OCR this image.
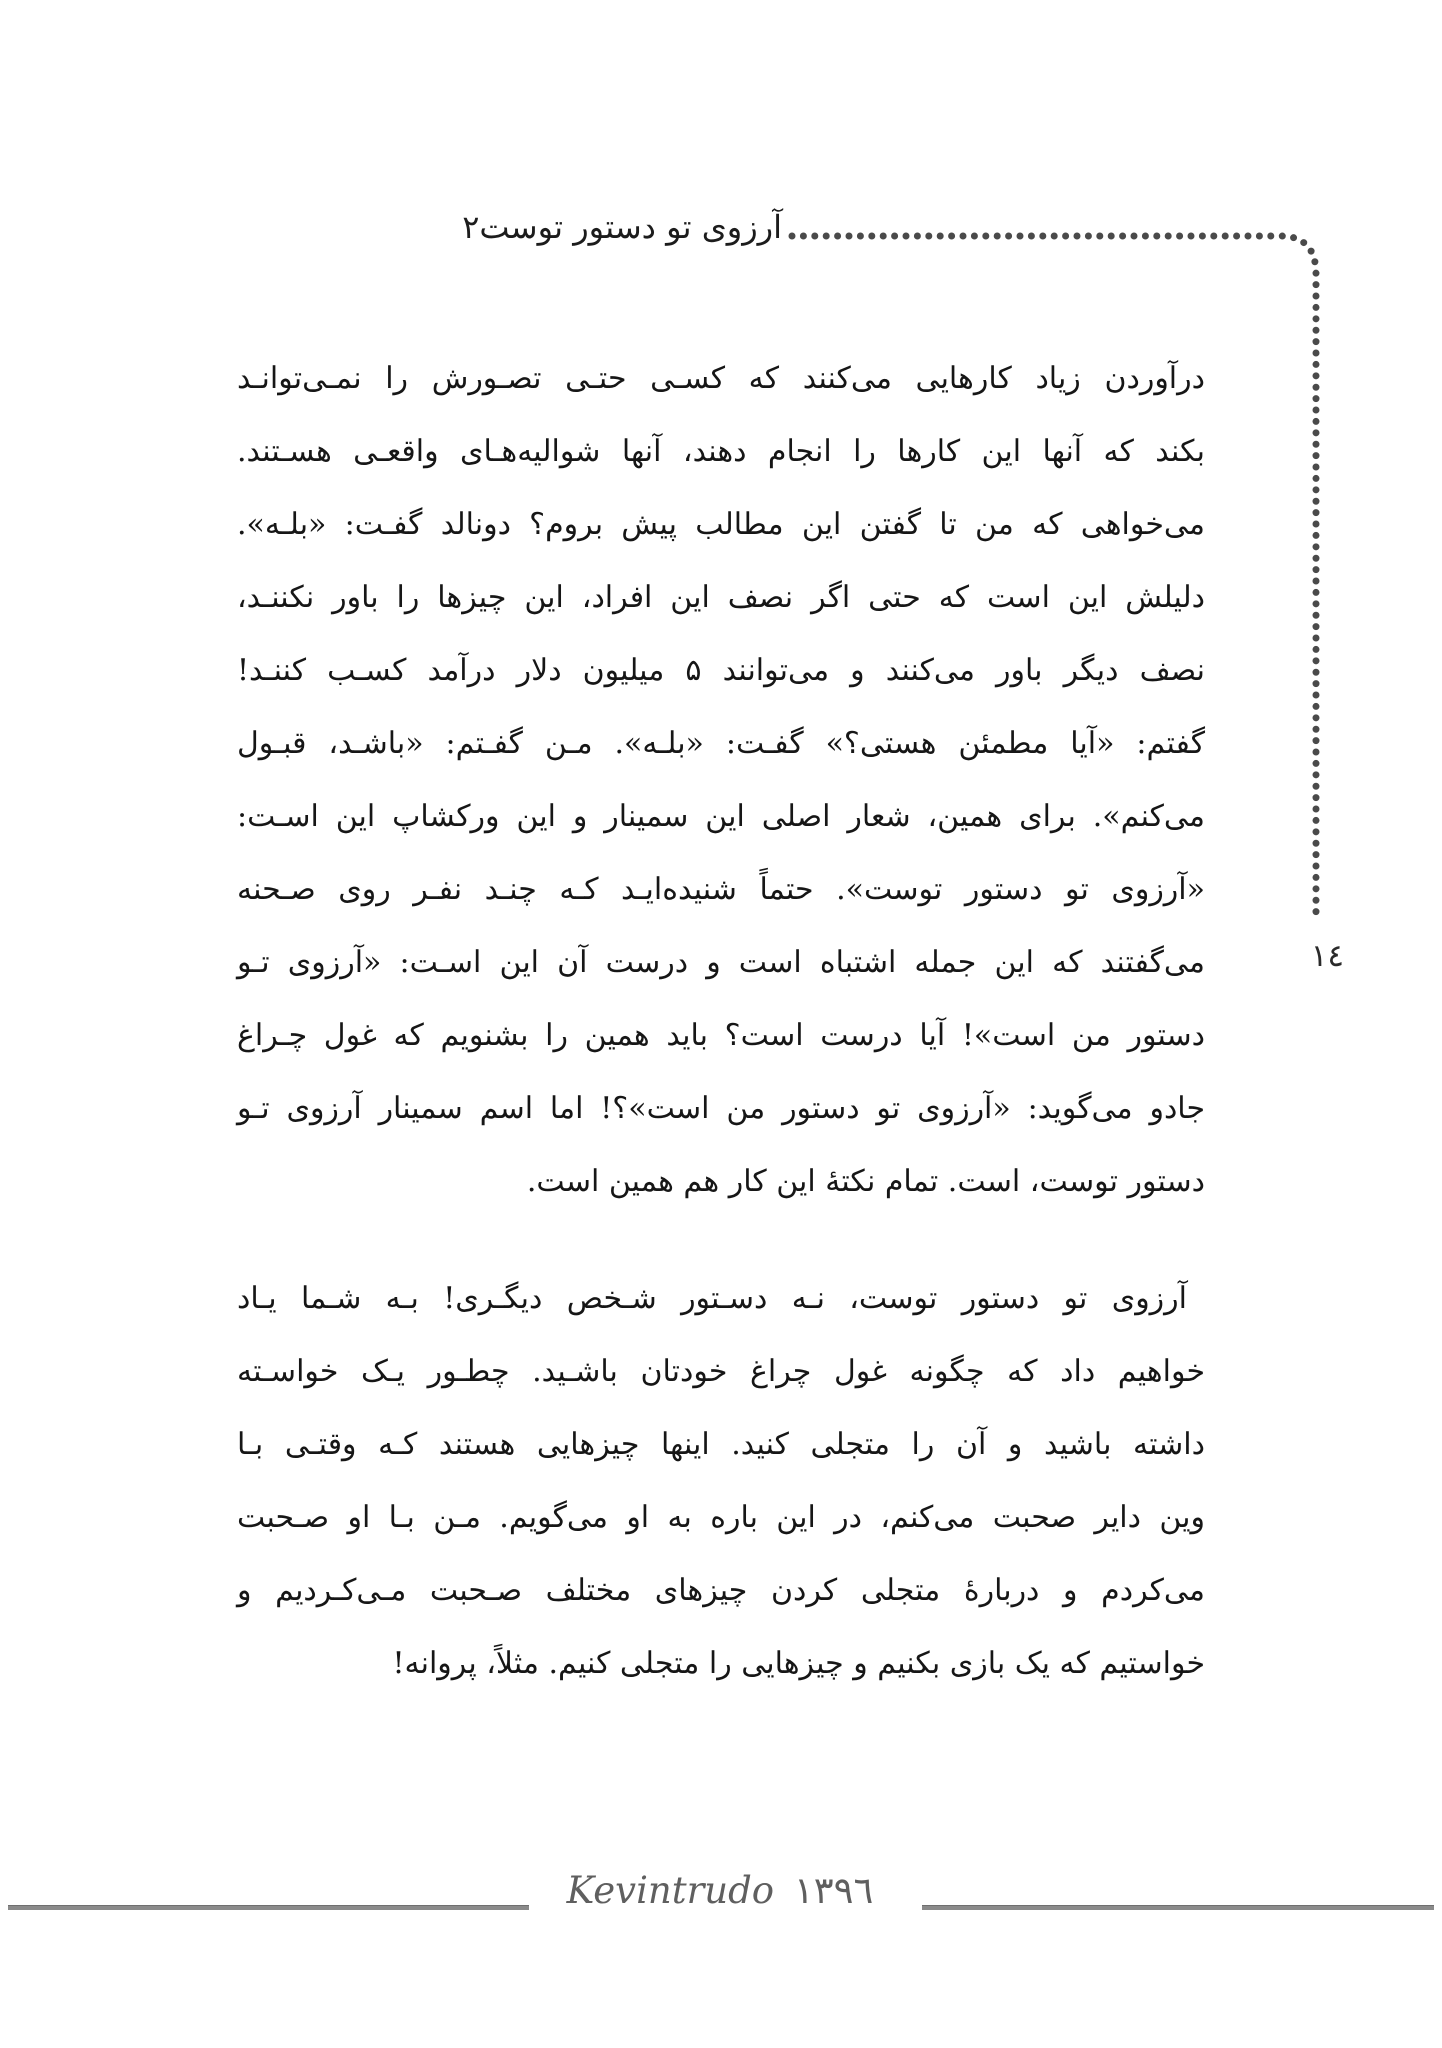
آرزوی تو دستور توست۲
١٤
درآوردن زیاد کارهایی می‌کنند که کسـی حتـی تصـورش را نمـی‌توانـد
بکند که آنها این کارها را انجام دهند، آنها شوالیه‌هـای واقعـی هسـتند.
می‌خواهی که من تا گفتن این مطالب پیش بروم؟ دونالد گفـت: «بلـه».
دلیلش این است که حتی اگر نصف این افراد، این چیزها را باور نکننـد،
نصف دیگر باور می‌کنند و می‌توانند ۵ میلیون دلار درآمد کسـب کننـد!
گفتم: «آیا مطمئن هستی؟» گفـت: «بلـه». مـن گفـتم: «باشـد، قبـول
می‌کنم». برای همین، شعار اصلی این سمینار و این ورکشاپ این اسـت:
«آرزوی تو دستور توست». حتماً شنیده‌ایـد کـه چنـد نفـر روی صـحنه
می‌گفتند که این جمله اشتباه است و درست آن این اسـت: «آرزوی تـو
دستور من است»! آیا درست است؟ باید همین را بشنویم که غول چـراغ
جادو می‌گوید: «آرزوی تو دستور من است»؟! اما اسم سمینار آرزوی تـو
دستور توست، است. تمام نکتهٔ این کار هم همین است.
آرزوی تو دستور توست، نـه دسـتور شـخص دیگـری! بـه شـما یـاد
خواهیم داد که چگونه غول چراغ خودتان باشـید. چطـور یـک خواسـته
داشته باشید و آن را متجلی کنید. اینها چیزهایی هستند کـه وقتـی بـا
وین دایر صحبت می‌کنم، در این باره به او می‌گویم. مـن بـا او صـحبت
می‌کردم و دربارهٔ متجلی کردن چیزهای مختلف صـحبت مـی‌کـردیم و
خواستیم که یک بازی بکنیم و چیزهایی را متجلی کنیم. مثلاً، پروانه!
Kevintrudo ١٣٩٦
